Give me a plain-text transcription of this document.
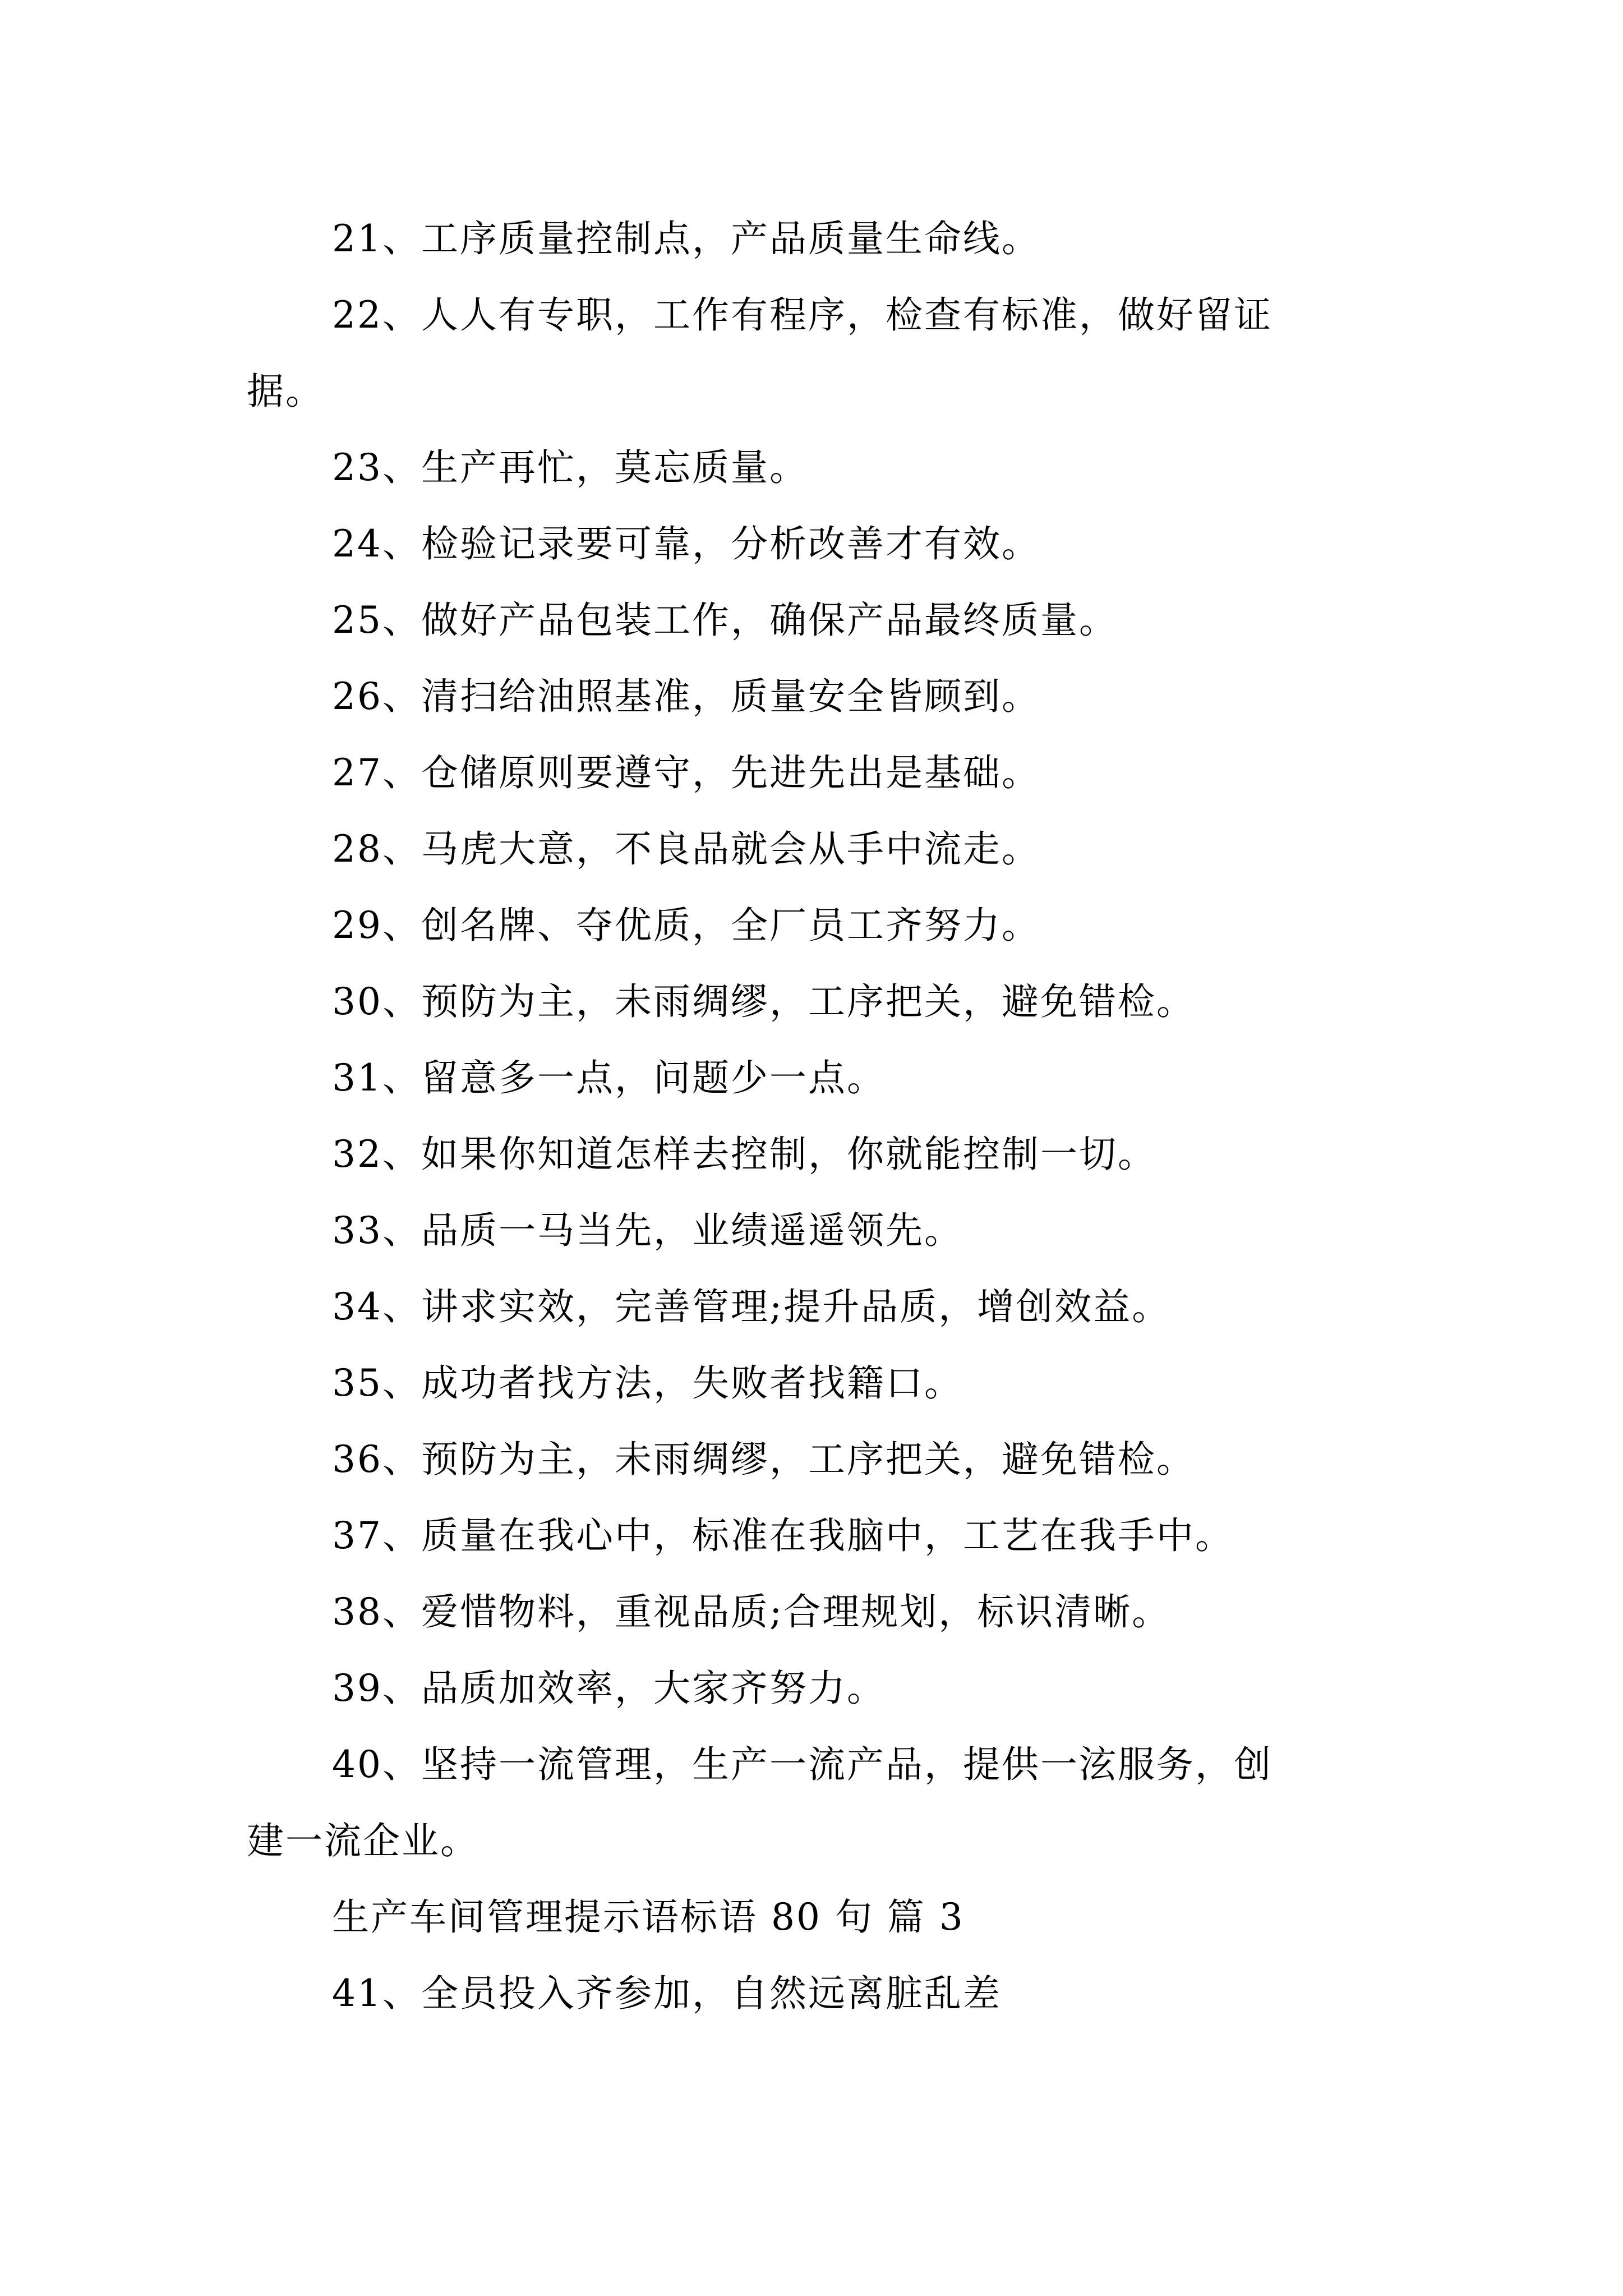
21、工序质量控制点，产品质量生命线。
22、人人有专职，工作有程序，检查有标准，做好留证
据。
23、生产再忙，莫忘质量。
24、检验记录要可靠，分析改善才有效。
25、做好产品包装工作，确保产品最终质量。
26、清扫给油照基准，质量安全皆顾到。
27、仓储原则要遵守，先进先出是基础。
28、马虎大意，不良品就会从手中流走。
29、创名牌、夺优质，全厂员工齐努力。
30、预防为主，未雨绸缪，工序把关，避免错检。
31、留意多一点，问题少一点。
32、如果你知道怎样去控制，你就能控制一切。
33、品质一马当先，业绩遥遥领先。
34、讲求实效，完善管理;提升品质，增创效益。
35、成功者找方法，失败者找籍口。
36、预防为主，未雨绸缪，工序把关，避免错检。
37、质量在我心中，标准在我脑中，工艺在我手中。
38、爱惜物料，重视品质;合理规划，标识清晰。
39、品质加效率，大家齐努力。
40、坚持一流管理，生产一流产品，提供一泫服务，创
建一流企业。
生产车间管理提示语标语 80 句 篇 3
41、全员投入齐参加，自然远离脏乱差
